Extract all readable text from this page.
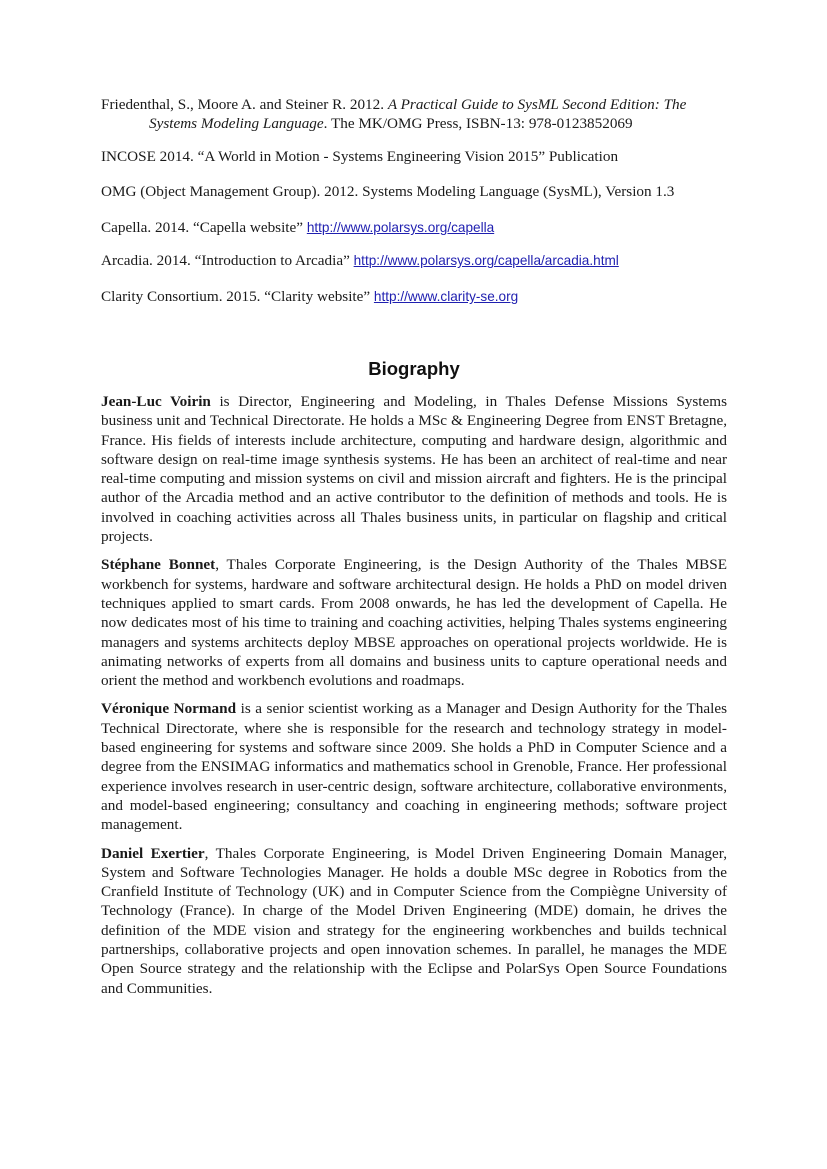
Friedenthal, S., Moore A. and Steiner R. 2012. A Practical Guide to SysML Second Edition: The Systems Modeling Language. The MK/OMG Press, ISBN-13: 978-0123852069

INCOSE 2014. “A World in Motion - Systems Engineering Vision 2015” Publication

OMG (Object Management Group). 2012. Systems Modeling Language (SysML), Version 1.3

Capella. 2014. “Capella website” http://www.polarsys.org/capella

Arcadia. 2014. “Introduction to Arcadia” http://www.polarsys.org/capella/arcadia.html

Clarity Consortium. 2015. “Clarity website” http://www.clarity-se.org

Biography

Jean-Luc Voirin is Director, Engineering and Modeling, in Thales Defense Missions Systems business unit and Technical Directorate. He holds a MSc & Engineering Degree from ENST Bretagne, France. His fields of interests include architecture, computing and hardware design, algorithmic and software design on real-time image synthesis systems. He has been an architect of real-time and near real-time computing and mission systems on civil and mission aircraft and fighters. He is the principal author of the Arcadia method and an active contributor to the definition of methods and tools. He is involved in coaching activities across all Thales business units, in particular on flagship and critical projects.

Stéphane Bonnet, Thales Corporate Engineering, is the Design Authority of the Thales MBSE workbench for systems, hardware and software architectural design. He holds a PhD on model driven techniques applied to smart cards. From 2008 onwards, he has led the development of Capella. He now dedicates most of his time to training and coaching activities, helping Thales systems engineering managers and systems architects deploy MBSE approaches on operational projects worldwide. He is animating networks of experts from all domains and business units to capture operational needs and orient the method and workbench evolutions and roadmaps.

Véronique Normand is a senior scientist working as a Manager and Design Authority for the Thales Technical Directorate, where she is responsible for the research and technology strategy in model-based engineering for systems and software since 2009. She holds a PhD in Computer Science and a degree from the ENSIMAG informatics and mathematics school in Grenoble, France. Her professional experience involves research in user-centric design, software architecture, collaborative environments, and model-based engineering; consultancy and coaching in engineering methods; software project management.

Daniel Exertier, Thales Corporate Engineering, is Model Driven Engineering Domain Manager, System and Software Technologies Manager. He holds a double MSc degree in Robotics from the Cranfield Institute of Technology (UK) and in Computer Science from the Compiègne University of Technology (France). In charge of the Model Driven Engineering (MDE) domain, he drives the definition of the MDE vision and strategy for the engineering workbenches and builds technical partnerships, collaborative projects and open innovation schemes. In parallel, he manages the MDE Open Source strategy and the relationship with the Eclipse and PolarSys Open Source Foundations and Communities.
